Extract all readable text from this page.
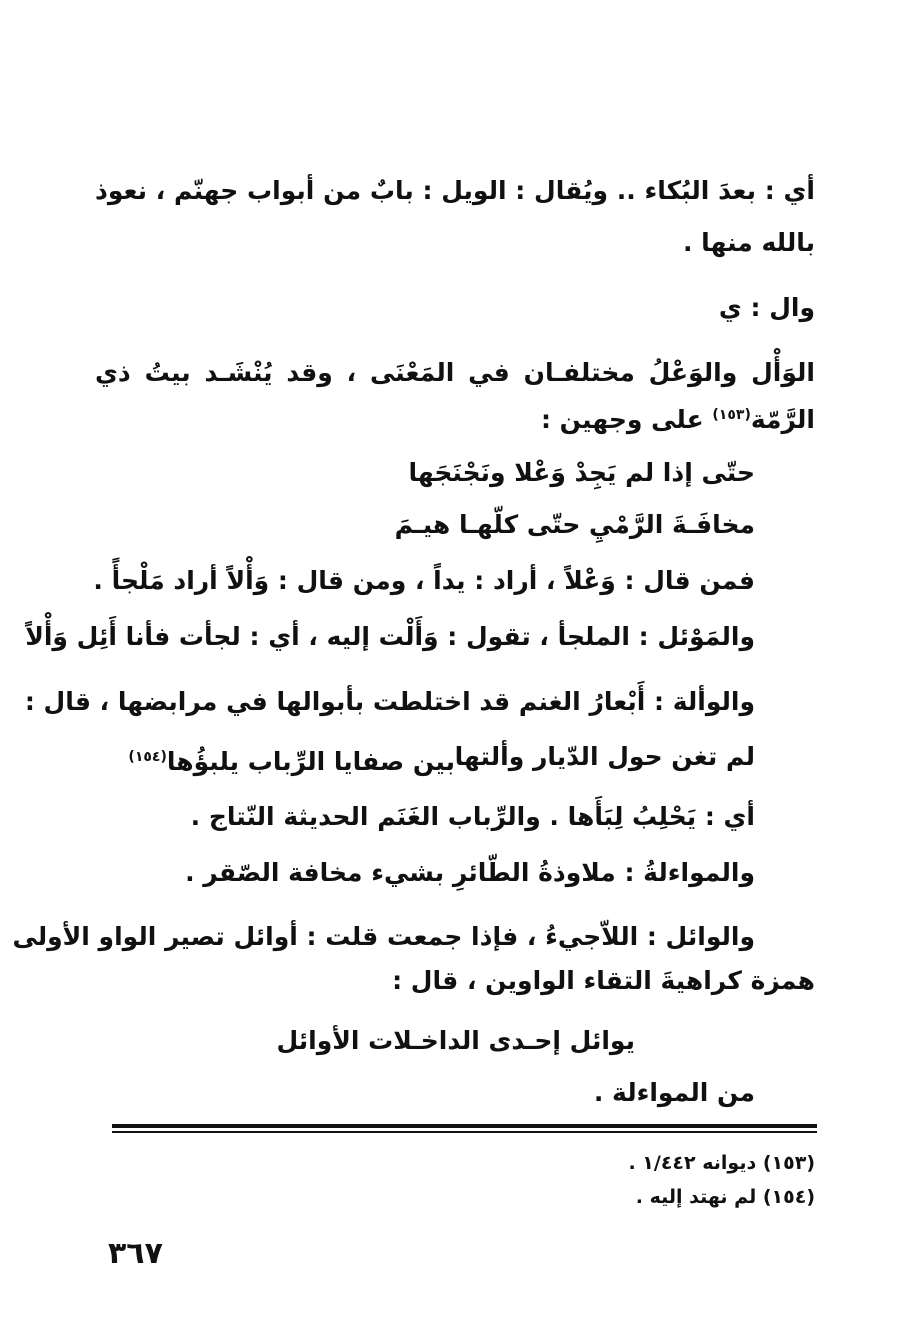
أي : بعدَ البُكاء .. ويُقال : الويل : بابٌ من أبواب جهنّم ، نعوذ
بالله منها .
وال : ي
الوَأْل والوَعْلُ مختلفـان في المَعْنَى ، وقد يُنْشَـد بيتُ ذي
الرَّمّة$^{(١٥٣)}$ على وجهين :
حتّى إذا لم يَجِدْ وَعْلا ونَجْنَجَها
مخافَـةَ الرَّمْيِ حتّى كلّهـا هيـمَ
فمن قال : وَعْلاً ، أراد : يداً ، ومن قال : وَأْلاً أراد مَلْجأً .
والمَوْئل : الملجأ ، تقول : وَأَلْت إليه ، أي : لجأت فأنا أَئِل وَأْلاً
والوألة : أَبْعارُ الغنم قد اختلطت بأبوالها في مرابضها ، قال :
لم تغن حول الدّيار وألتها
بين صفايا الرِّباب يلبؤُها$^{(١٥٤)}$
أي : يَحْلِبُ لِبَأَها . والرِّباب الغَنَم الحديثة النّتاج .
والمواءلةُ : ملاوذةُ الطّائرِ بشيء مخافة الصّقر .
والوائل : اللاّجيءُ ، فإذا جمعت قلت : أوائل تصير الواو الأولى
همزة كراهيةَ التقاء الواوين ، قال :
يوائل إحـدى الداخـلات الأوائل
من المواءلة .
(١٥٣) ديوانه ١/٤٤٢ .
(١٥٤) لم نهتد إليه .
٣٦٧
